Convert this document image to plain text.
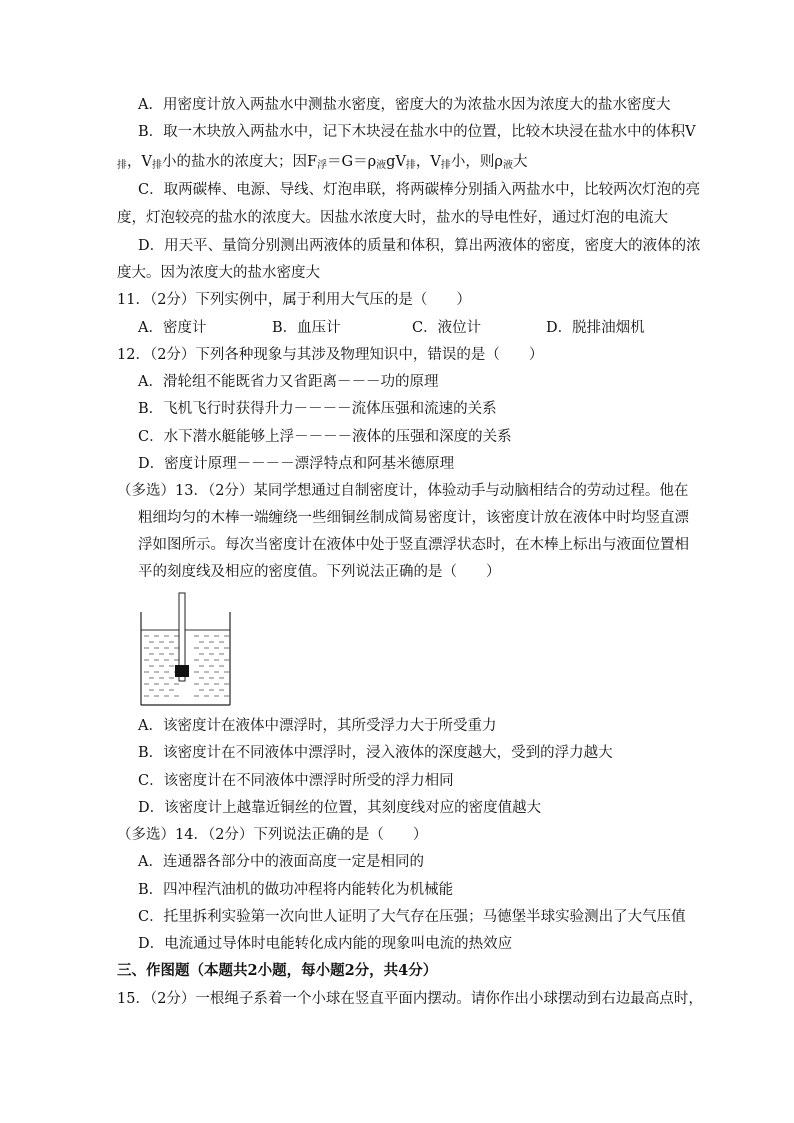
A．用密度计放入两盐水中测盐水密度，密度大的为浓盐水因为浓度大的盐水密度大
B．取一木块放入两盐水中，记下木块浸在盐水中的位置，比较木块浸在盐水中的体积V
$_排$，$V_排$小的盐水的浓度大；因$F_浮=G=\rho_液gV_排$，$V_排$小，则$\rho_液$大
C．取两碳棒、电源、导线、灯泡串联，将两碳棒分别插入两盐水中，比较两次灯泡的亮
度，灯泡较亮的盐水的浓度大。因盐水浓度大时，盐水的导电性好，通过灯泡的电流大
D．用天平、量筒分别测出两液体的质量和体积，算出两液体的密度，密度大的液体的浓
度大。因为浓度大的盐水密度大
11．（2分）下列实例中，属于利用大气压的是（　　）
A．密度计	B．血压计	C．液位计	D．脱排油烟机
12．（2分）下列各种现象与其涉及物理知识中，错误的是（　　）
A．滑轮组不能既省力又省距离－－－功的原理
B．飞机飞行时获得升力－－－－流体压强和流速的关系
C．水下潜水艇能够上浮－－－－液体的压强和深度的关系
D．密度计原理－－－－漂浮特点和阿基米德原理
（多选）13．（2分）某同学想通过自制密度计，体验动手与动脑相结合的劳动过程。他在
粗细均匀的木棒一端缠绕一些细铜丝制成简易密度计，该密度计放在液体中时均竖直漂
浮如图所示。每次当密度计在液体中处于竖直漂浮状态时，在木棒上标出与液面位置相
平的刻度线及相应的密度值。下列说法正确的是（　　）
A．该密度计在液体中漂浮时，其所受浮力大于所受重力
B．该密度计在不同液体中漂浮时，浸入液体的深度越大，受到的浮力越大
C．该密度计在不同液体中漂浮时所受的浮力相同
D．该密度计上越靠近铜丝的位置，其刻度线对应的密度值越大
（多选）14．（2分）下列说法正确的是（　　）
A．连通器各部分中的液面高度一定是相同的
B．四冲程汽油机的做功冲程将内能转化为机械能
C．托里拆利实验第一次向世人证明了大气存在压强；马德堡半球实验测出了大气压值
D．电流通过导体时电能转化成内能的现象叫电流的热效应
三、作图题（本题共2小题，每小题2分，共4分）
15．（2分）一根绳子系着一个小球在竖直平面内摆动。请你作出小球摆动到右边最高点时，
